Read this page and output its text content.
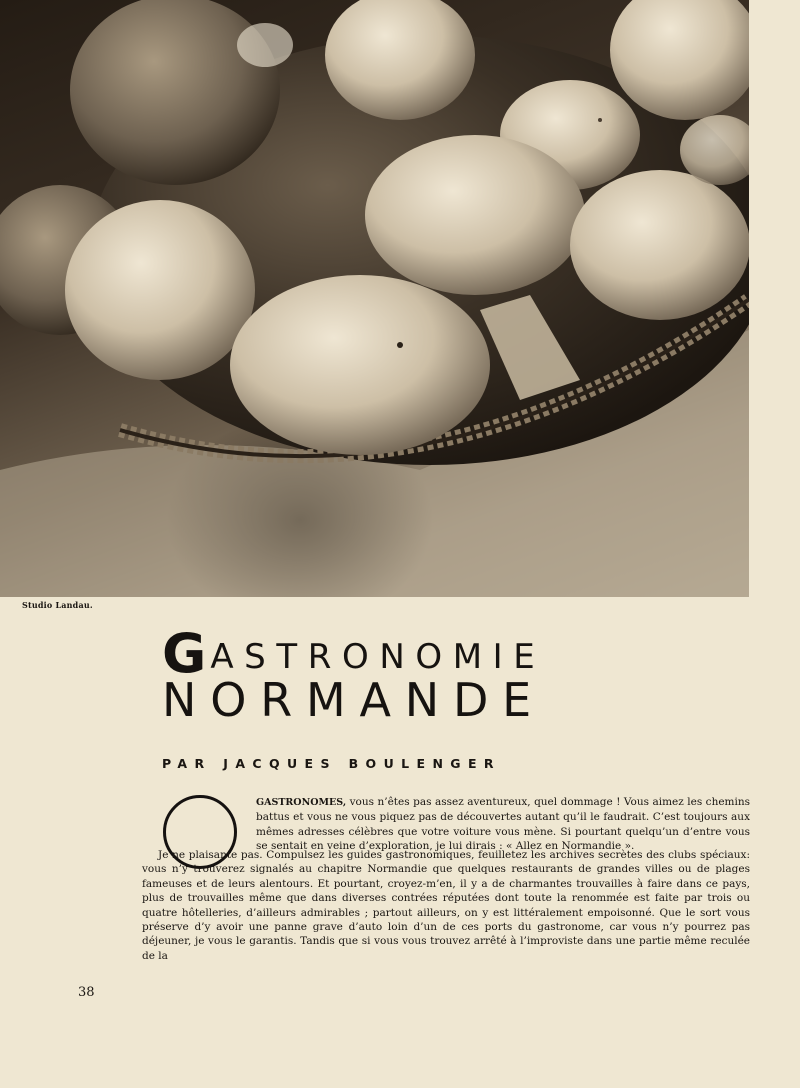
Studio Landau.
GASTRONOMIE
NORMANDE
PAR JACQUES BOULENGER

GASTRONOMES, vous n’êtes pas assez aventureux, quel dommage ! Vous aimez les chemins battus et vous ne vous piquez pas de découvertes autant qu’il le faudrait. C’est toujours aux mêmes adresses célèbres que votre voiture vous mène. Si pourtant quelqu’un d’entre vous se sentait en veine d’exploration, je lui dirais : « Allez en Normandie ».

Je ne plaisante pas. Compulsez les guides gastronomiques, feuilletez les archives secrètes des clubs spéciaux: vous n’y trouverez signalés au chapitre Normandie que quelques restaurants de grandes villes ou de plages fameuses et de leurs alentours. Et pourtant, croyez-m’en, il y a de charmantes trouvailles à faire dans ce pays, plus de trouvailles même que dans diverses contrées réputées dont toute la renommée est faite par trois ou quatre hôtelleries, d’ailleurs admirables ; partout ailleurs, on y est littéralement empoisonné. Que le sort vous préserve d’y avoir une panne grave d’auto loin d’un de ces ports du gastronome, car vous n’y pourrez pas déjeuner, je vous le garantis. Tandis que si vous vous trouvez arrêté à l’improviste dans une partie même reculée de la

38
